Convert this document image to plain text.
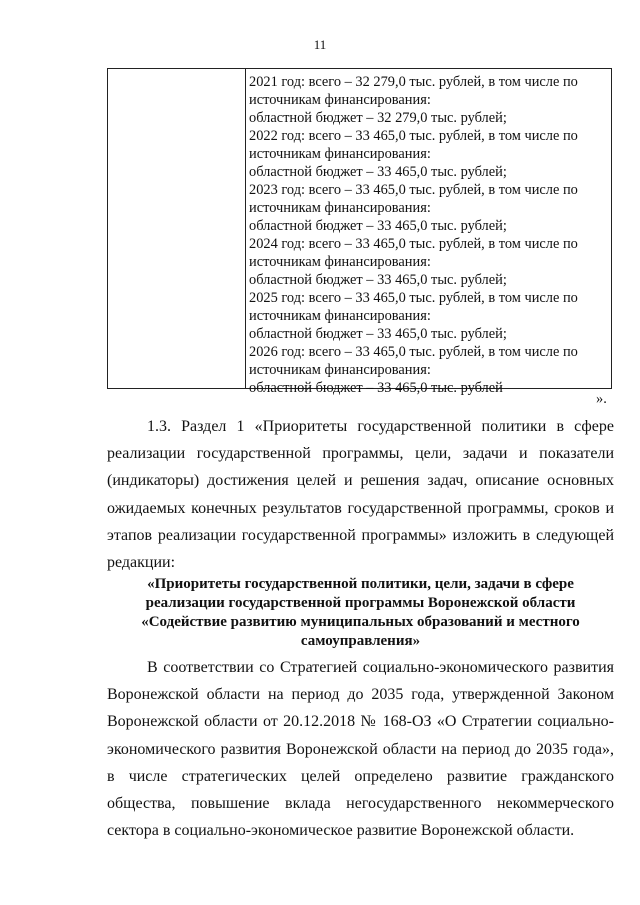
11
2021 год: всего – 32 279,0 тыс. рублей, в том числе по
источникам финансирования:
областной бюджет – 32 279,0 тыс. рублей;
2022 год: всего – 33 465,0 тыс. рублей, в том числе по
источникам финансирования:
областной бюджет – 33 465,0 тыс. рублей;
2023 год: всего – 33 465,0 тыс. рублей, в том числе по
источникам финансирования:
областной бюджет – 33 465,0 тыс. рублей;
2024 год: всего – 33 465,0 тыс. рублей, в том числе по
источникам финансирования:
областной бюджет – 33 465,0 тыс. рублей;
2025 год: всего – 33 465,0 тыс. рублей, в том числе по
источникам финансирования:
областной бюджет – 33 465,0 тыс. рублей;
2026 год: всего – 33 465,0 тыс. рублей, в том числе по
источникам финансирования:
областной бюджет – 33 465,0 тыс. рублей
».

1.3. Раздел 1 «Приоритеты государственной политики в сфере реализации государственной программы, цели, задачи и показатели (индикаторы) достижения целей и решения задач, описание основных ожидаемых конечных результатов государственной программы, сроков и этапов реализации государственной программы» изложить в следующей редакции:

«Приоритеты государственной политики, цели, задачи в сфере реализации государственной программы Воронежской области «Содействие развитию муниципальных образований и местного самоуправления»

В соответствии со Стратегией социально-экономического развития Воронежской области на период до 2035 года, утвержденной Законом Воронежской области от 20.12.2018 № 168-ОЗ «О Стратегии социально-экономического развития Воронежской области на период до 2035 года», в числе стратегических целей определено развитие гражданского общества, повышение вклада негосударственного некоммерческого сектора в социально-экономическое развитие Воронежской области.
